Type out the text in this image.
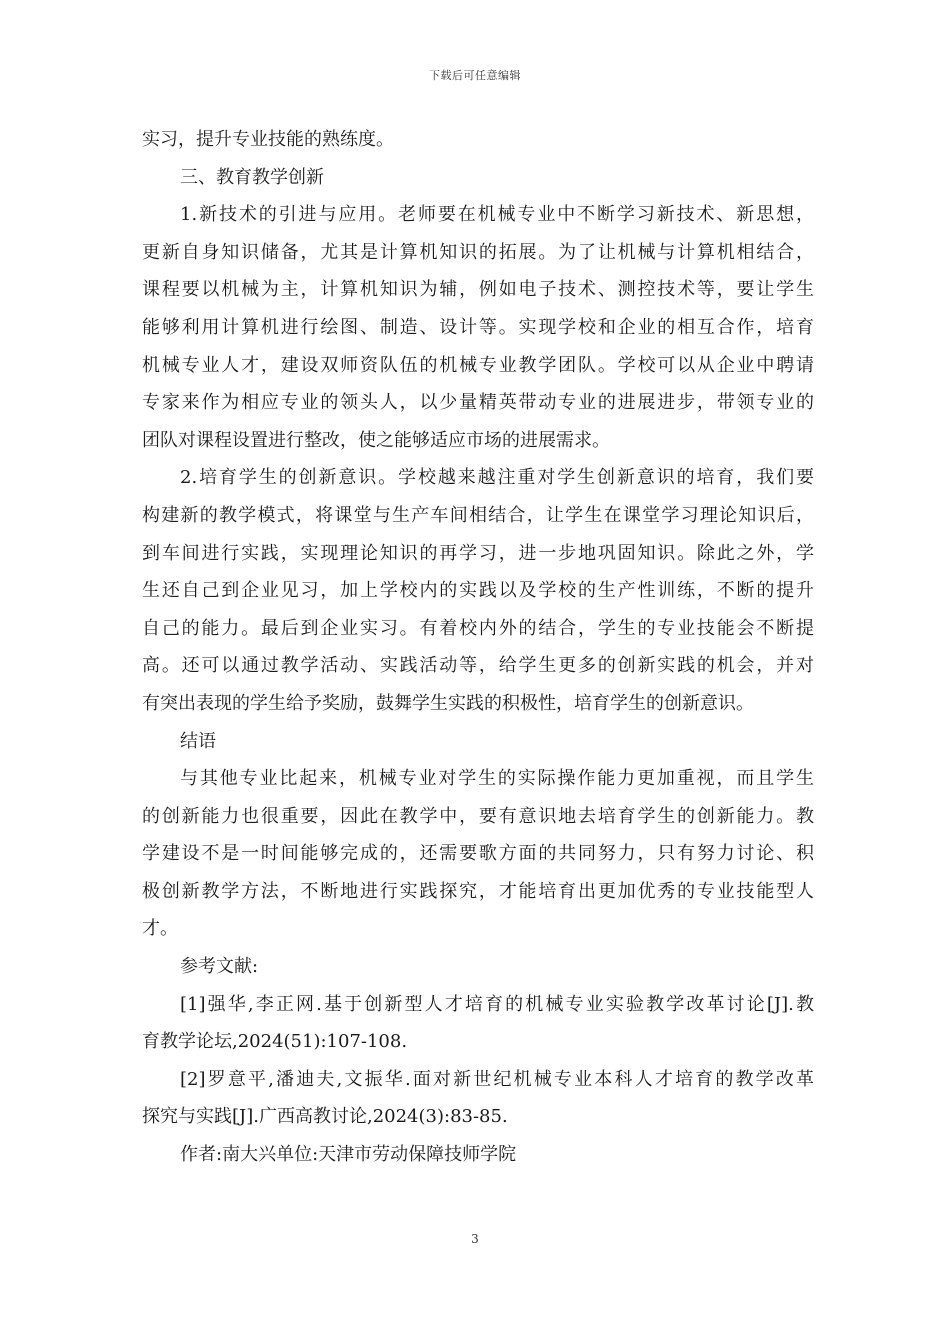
下载后可任意编辑
实习，提升专业技能的熟练度。
三、教育教学创新
1.新技术的引进与应用。老师要在机械专业中不断学习新技术、新思想，
更新自身知识储备，尤其是计算机知识的拓展。为了让机械与计算机相结合，
课程要以机械为主，计算机知识为辅，例如电子技术、测控技术等，要让学生
能够利用计算机进行绘图、制造、设计等。实现学校和企业的相互合作，培育
机械专业人才，建设双师资队伍的机械专业教学团队。学校可以从企业中聘请
专家来作为相应专业的领头人，以少量精英带动专业的进展进步，带领专业的
团队对课程设置进行整改，使之能够适应市场的进展需求。
2.培育学生的创新意识。学校越来越注重对学生创新意识的培育，我们要
构建新的教学模式，将课堂与生产车间相结合，让学生在课堂学习理论知识后，
到车间进行实践，实现理论知识的再学习，进一步地巩固知识。除此之外，学
生还自己到企业见习，加上学校内的实践以及学校的生产性训练，不断的提升
自己的能力。最后到企业实习。有着校内外的结合，学生的专业技能会不断提
高。还可以通过教学活动、实践活动等，给学生更多的创新实践的机会，并对
有突出表现的学生给予奖励，鼓舞学生实践的积极性，培育学生的创新意识。
结语
与其他专业比起来，机械专业对学生的实际操作能力更加重视，而且学生
的创新能力也很重要，因此在教学中，要有意识地去培育学生的创新能力。教
学建设不是一时间能够完成的，还需要歌方面的共同努力，只有努力讨论、积
极创新教学方法，不断地进行实践探究，才能培育出更加优秀的专业技能型人
才。
参考文献:
[1]强华,李正网.基于创新型人才培育的机械专业实验教学改革讨论[J].教
育教学论坛,2024(51):107-108.
[2]罗意平,潘迪夫,文振华.面对新世纪机械专业本科人才培育的教学改革
探究与实践[J].广西高教讨论,2024(3):83-85.
作者:南大兴单位:天津市劳动保障技师学院
3
